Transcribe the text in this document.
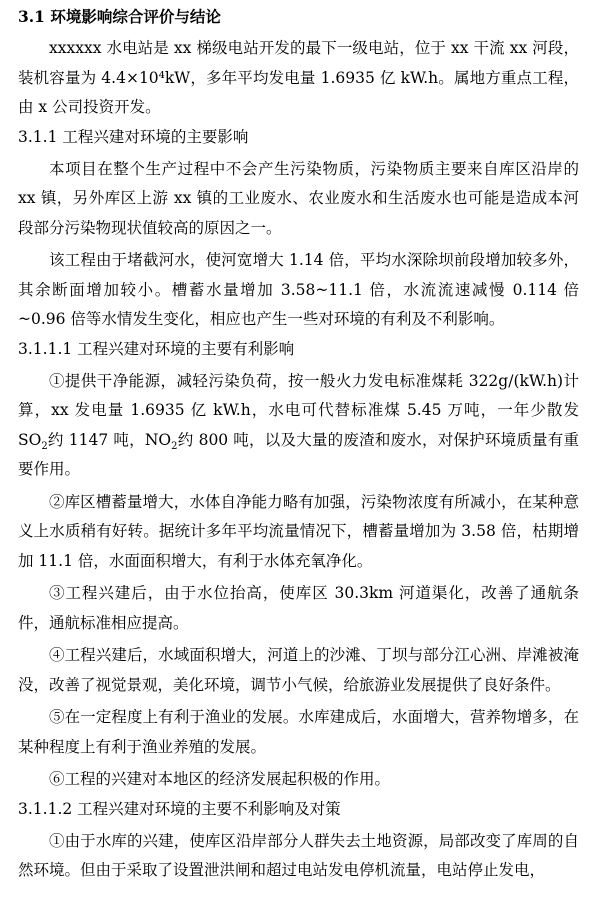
3.1 环境影响综合评价与结论

xxxxxx 水电站是 xx 梯级电站开发的最下一级电站，位于 xx 干流 xx 河段，装机容量为 4.4×10⁴kW，多年平均发电量 1.6935 亿 kW.h。属地方重点工程，由 x 公司投资开发。

3.1.1 工程兴建对环境的主要影响

本项目在整个生产过程中不会产生污染物质，污染物质主要来自库区沿岸的 xx 镇，另外库区上游 xx 镇的工业废水、农业废水和生活废水也可能是造成本河段部分污染物现状值较高的原因之一。

该工程由于堵截河水，使河宽增大 1.14 倍，平均水深除坝前段增加较多外，其余断面增加较小。槽蓄水量增加 3.58~11.1 倍，水流流速减慢 0.114 倍~0.96 倍等水情发生变化，相应也产生一些对环境的有利及不利影响。

3.1.1.1 工程兴建对环境的主要有利影响

①提供干净能源，减轻污染负荷，按一般火力发电标准煤耗 322g/(kW.h)计算，xx 发电量 1.6935 亿 kW.h，水电可代替标准煤 5.45 万吨，一年少散发 $SO_2$约 1147 吨，$NO_2$约 800 吨，以及大量的废渣和废水，对保护环境质量有重要作用。

②库区槽蓄量增大，水体自净能力略有加强，污染物浓度有所减小，在某种意义上水质稍有好转。据统计多年平均流量情况下，槽蓄量增加为 3.58 倍，枯期增加 11.1 倍，水面面积增大，有利于水体充氧净化。

③工程兴建后，由于水位抬高，使库区 30.3km 河道渠化，改善了通航条件，通航标准相应提高。

④工程兴建后，水域面积增大，河道上的沙滩、丁坝与部分江心洲、岸滩被淹没，改善了视觉景观，美化环境，调节小气候，给旅游业发展提供了良好条件。

⑤在一定程度上有利于渔业的发展。水库建成后，水面增大，营养物增多，在某种程度上有利于渔业养殖的发展。

⑥工程的兴建对本地区的经济发展起积极的作用。

3.1.1.2 工程兴建对环境的主要不利影响及对策

①由于水库的兴建，使库区沿岸部分人群失去土地资源，局部改变了库周的自然环境。但由于采取了设置泄洪闸和超过电站发电停机流量，电站停止发电，
